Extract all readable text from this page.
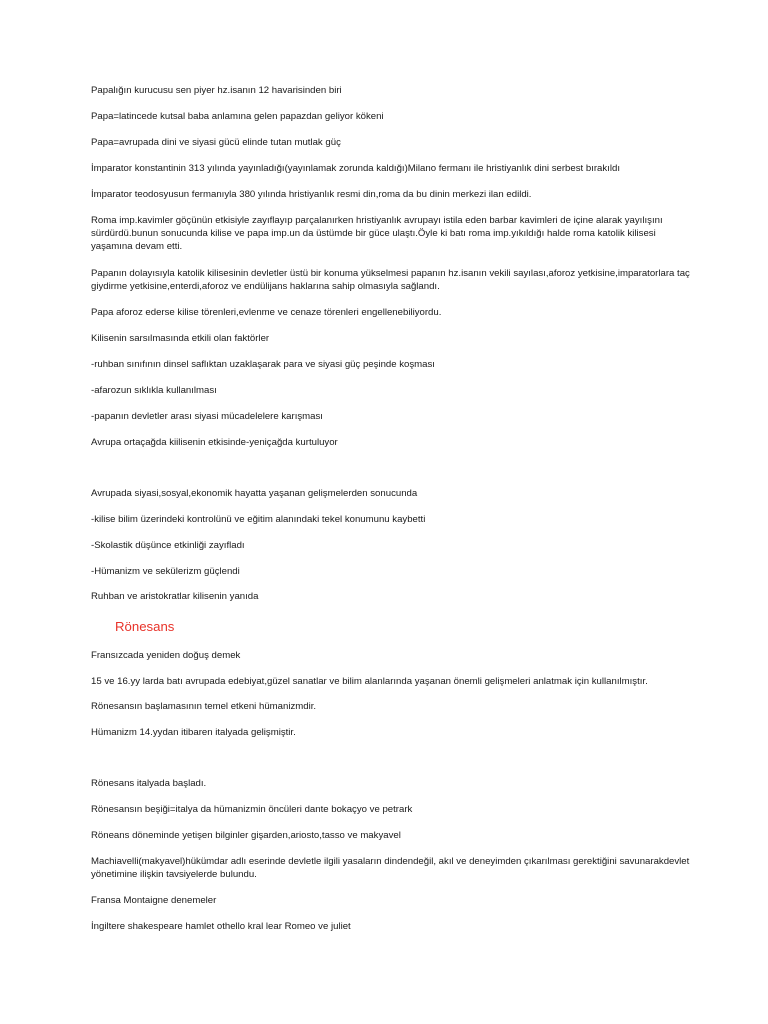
Papalığın kurucusu sen piyer hz.isanın 12 havarisinden biri
Papa=latincede kutsal baba anlamına gelen papazdan geliyor kökeni
Papa=avrupada dini ve siyasi gücü elinde tutan mutlak güç
İmparator konstantinin 313 yılında yayınladığı(yayınlamak zorunda kaldığı)Milano fermanı ile hristiyanlık dini serbest bırakıldı
İmparator teodosyusun fermanıyla 380 yılında hristiyanlık resmi din,roma da bu dinin merkezi ilan edildi.
Roma imp.kavimler göçünün etkisiyle zayıflayıp parçalanırken hristiyanlık avrupayı istila eden barbar kavimleri de içine alarak yayılışını sürdürdü.bunun sonucunda kilise ve papa imp.un da üstümde bir güce ulaştı.Öyle ki batı roma imp.yıkıldığı halde roma katolik kilisesi yaşamına devam etti.
Papanın dolayısıyla katolik kilisesinin devletler üstü bir konuma yükselmesi papanın hz.isanın vekili sayılası,aforoz yetkisine,imparatorlara taç giydirme yetkisine,enterdi,aforoz ve endülijans haklarına sahip olmasıyla sağlandı.
Papa aforoz ederse kilise törenleri,evlenme ve cenaze törenleri engellenebiliyordu.
Kilisenin sarsılmasında etkili olan faktörler
-ruhban sınıfının dinsel saflıktan uzaklaşarak para ve siyasi güç peşinde koşması
-afarozun sıklıkla kullanılması
-papanın devletler arası siyasi mücadelelere karışması
Avrupa ortaçağda kiilisenin etkisinde-yeniçağda kurtuluyor
Avrupada siyasi,sosyal,ekonomik hayatta yaşanan gelişmelerden sonucunda
-kilise bilim üzerindeki kontrolünü ve eğitim alanındaki tekel konumunu kaybetti
-Skolastik düşünce etkinliği zayıfladı
-Hümanizm ve sekülerizm güçlendi
Ruhban ve aristokratlar kilisenin yanıda
Rönesans
Fransızcada yeniden doğuş demek
15 ve 16.yy larda batı avrupada edebiyat,güzel sanatlar ve bilim alanlarında yaşanan önemli gelişmeleri anlatmak için kullanılmıştır.
Rönesansın başlamasının temel etkeni hümanizmdir.
Hümanizm 14.yydan itibaren italyada gelişmiştir.
Rönesans italyada başladı.
Rönesansın beşiği=italya da hümanizmin öncüleri dante bokaçyo ve petrark
Röneans döneminde yetişen bilginler gişarden,ariosto,tasso ve makyavel
Machiavelli(makyavel)hükümdar adlı eserinde devletle ilgili yasaların dindendeğil, akıl ve deneyimden çıkarılması gerektiğini savunarakdevlet yönetimine ilişkin tavsiyelerde bulundu.
Fransa Montaigne denemeler
İngiltere shakespeare hamlet othello kral lear Romeo ve juliet
